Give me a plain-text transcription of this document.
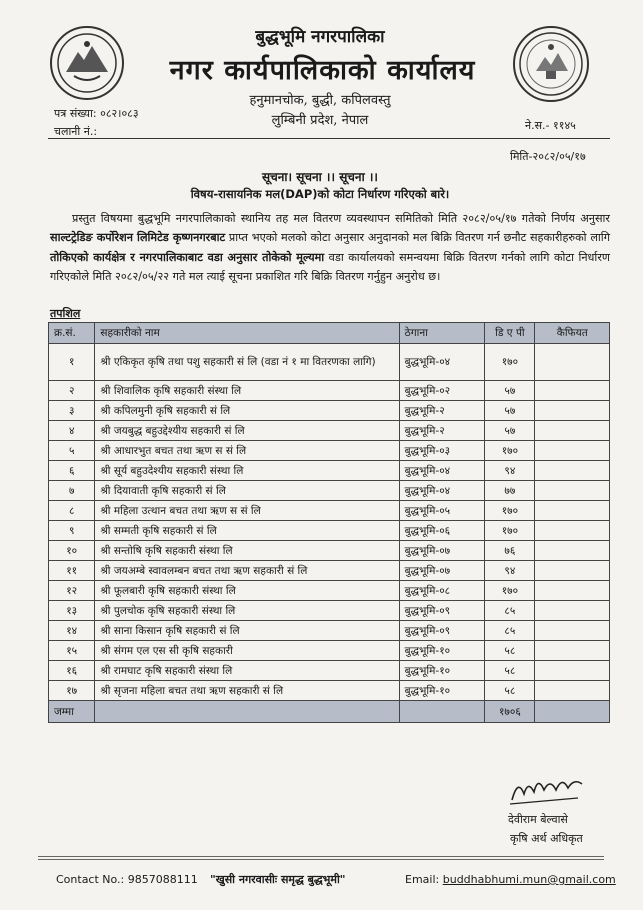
बुद्धभूमि नगरपालिका
नगर कार्यपालिकाको कार्यालय
हनुमानचोक, बुद्धी, कपिलवस्तु
लुम्बिनी प्रदेश, नेपाल
पत्र संख्या: ०८२।०८३
चलानी नं.:	ने.स.- ११४५
मिति-२०८२/०५/१७
सूचना। सूचना ।। सूचना ।।
विषय-रासायनिक मल(DAP)को कोटा निर्धारण गरिएको बारे।
प्रस्तुत विषयमा बुद्धभूमि नगरपालिकाको स्थानिय तह मल वितरण व्यवस्थापन समितिको मिति २०८२/०५/१७ गतेको निर्णय अनुसार साल्टट्रेडिङ कर्पोरेशन लिमिटेड कृष्णनगरबाट प्राप्त भएको मलको कोटा अनुसार अनुदानको मल बिक्रि वितरण गर्न छनौट सहकारीहरुको लागि तोकिएको कार्यक्षेत्र र नगरपालिकाबाट वडा अनुसार तोकेको मूल्यमा वडा कार्यालयको समन्वयमा बिक्रि वितरण गर्नको लागि कोटा निर्धारण गरिएकोले मिति २०८२/०५/२२ गते मल त्याई सूचना प्रकाशित गरि बिक्रि वितरण गर्नुहुन अनुरोध छ।
तपशिल
क्र.सं.	सहकारीको नाम	ठेगाना	डि ए पी	कैफियत
१	श्री एकिकृत कृषि तथा पशु सहकारी सं लि (वडा नं १ मा वितरणका लागि)	बुद्धभूमि-०४	१७०	
२	श्री शिवालिक कृषि सहकारी संस्था लि	बुद्धभूमि-०२	५७	
३	श्री कपिलमुनी कृषि सहकारी सं लि	बुद्धभूमि-२	५७	
४	श्री जयबुद्ध बहुउद्देश्यीय सहकारी सं लि	बुद्धभूमि-२	५७	
५	श्री आधारभुत बचत तथा ऋण स सं लि	बुद्धभूमि-०३	१७०	
६	श्री सूर्य बहुउदेश्यीय सहकारी संस्था लि	बुद्धभूमि-०४	९४	
७	श्री दियावाती कृषि सहकारी सं लि	बुद्धभूमि-०४	७७	
८	श्री महिला उत्थान बचत तथा ऋण स सं लि	बुद्धभूमि-०५	१७०	
९	श्री सम्मती कृषि सहकारी सं लि	बुद्धभूमि-०६	१७०	
१०	श्री सन्तोषि कृषि सहकारी संस्था लि	बुद्धभूमि-०७	७६	
११	श्री जयअम्बे स्वावलम्बन बचत तथा ऋण सहकारी सं लि	बुद्धभूमि-०७	९४	
१२	श्री फूलबारी कृषि सहकारी संस्था लि	बुद्धभूमि-०८	१७०	
१३	श्री पुलचोक कृषि सहकारी संस्था लि	बुद्धभूमि-०९	८५	
१४	श्री साना किसान कृषि सहकारी सं लि	बुद्धभूमि-०९	८५	
१५	श्री संगम एल एस सी कृषि सहकारी	बुद्धभूमि-१०	५८	
१६	श्री रामघाट कृषि सहकारी संस्था लि	बुद्धभूमि-१०	५८	
१७	श्री सृजना महिला बचत तथा ऋण सहकारी सं लि	बुद्धभूमि-१०	५८	
जम्मा			१७०६	
देवीराम बेल्वासे
कृषि अर्थ अधिकृत
Contact No.: 9857088111 "खुसी नगरवासीः समृद्ध बुद्धभूमी"	Email: buddhabhumi.mun@gmail.com
